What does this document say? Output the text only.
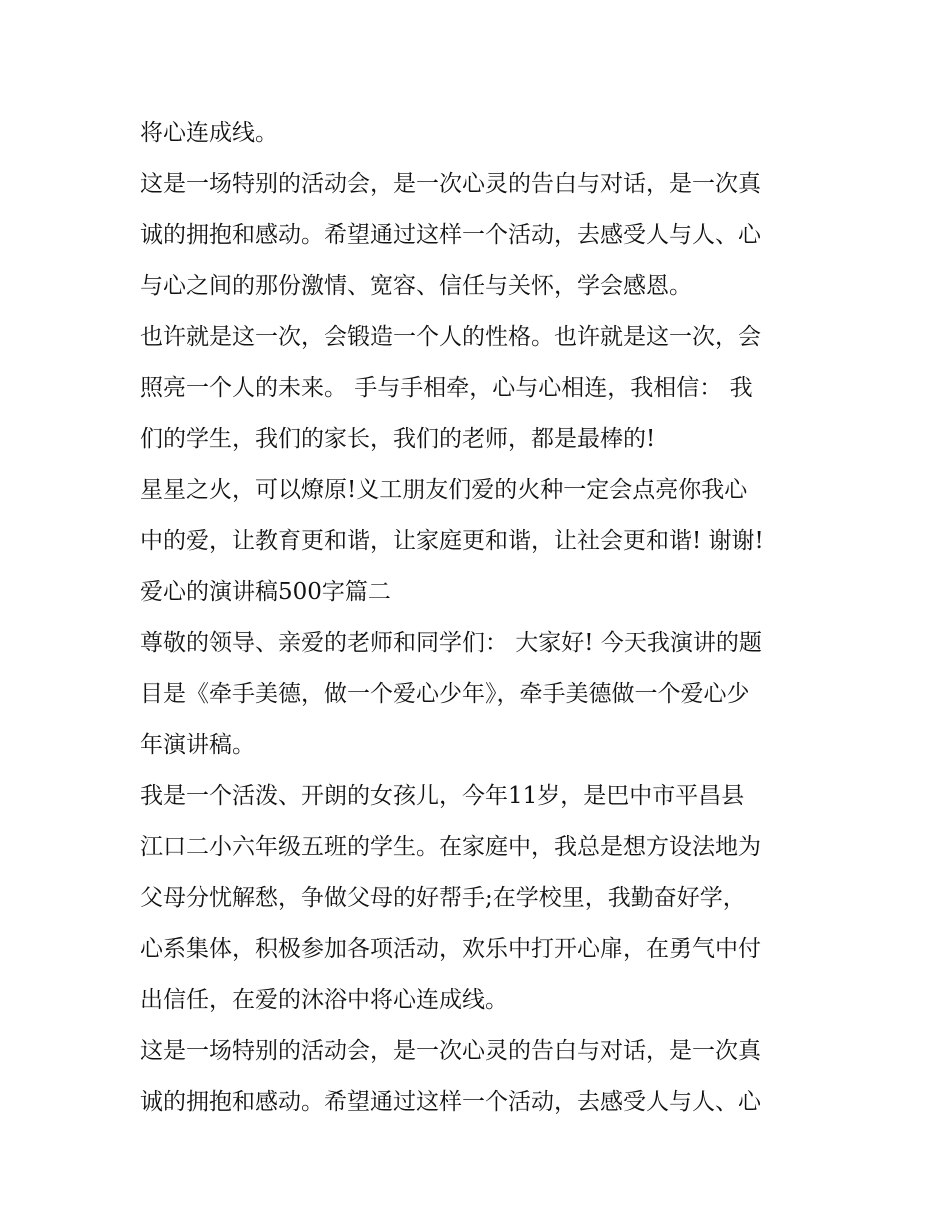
将心连成线。
这是一场特别的活动会，是一次心灵的告白与对话，是一次真
诚的拥抱和感动。希望通过这样一个活动，去感受人与人、心
与心之间的那份激情、宽容、信任与关怀，学会感恩。
也许就是这一次，会锻造一个人的性格。也许就是这一次，会
照亮一个人的未来。 手与手相牵，心与心相连，我相信： 我
们的学生，我们的家长，我们的老师，都是最棒的!
星星之火，可以燎原!义工朋友们爱的火种一定会点亮你我心
中的爱，让教育更和谐，让家庭更和谐，让社会更和谐! 谢谢!
爱心的演讲稿500字篇二
尊敬的领导、亲爱的老师和同学们： 大家好! 今天我演讲的题
目是《牵手美德，做一个爱心少年》，牵手美德做一个爱心少
年演讲稿。
我是一个活泼、开朗的女孩儿，今年11岁，是巴中市平昌县
江口二小六年级五班的学生。在家庭中，我总是想方设法地为
父母分忧解愁，争做父母的好帮手;在学校里，我勤奋好学，
心系集体，积极参加各项活动，欢乐中打开心扉，在勇气中付
出信任，在爱的沐浴中将心连成线。
这是一场特别的活动会，是一次心灵的告白与对话，是一次真
诚的拥抱和感动。希望通过这样一个活动，去感受人与人、心
